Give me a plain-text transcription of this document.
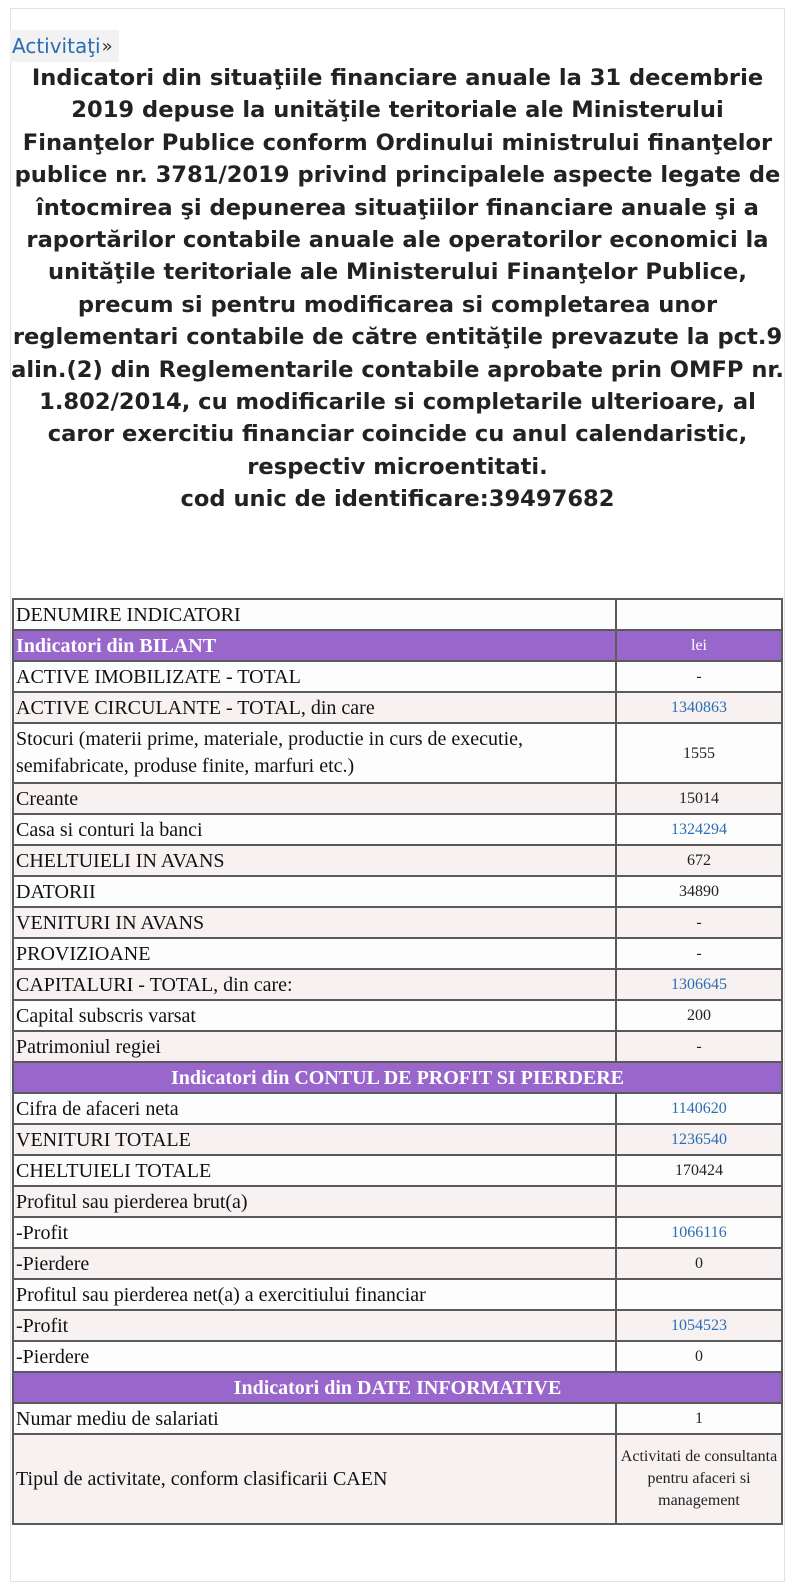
Activitaţi »

Indicatori din situaţiile financiare anuale la 31 decembrie 2019 depuse la unităţile teritoriale ale Ministerului Finanţelor Publice conform Ordinului ministrului finanţelor publice nr. 3781/2019 privind principalele aspecte legate de întocmirea şi depunerea situaţiilor financiare anuale şi a raportărilor contabile anuale ale operatorilor economici la unităţile teritoriale ale Ministerului Finanţelor Publice, precum si pentru modificarea si completarea unor reglementari contabile de către entităţile prevazute la pct.9 alin.(2) din Reglementarile contabile aprobate prin OMFP nr. 1.802/2014, cu modificarile si completarile ulterioare, al caror exercitiu financiar coincide cu anul calendaristic, respectiv microentitati.

cod unic de identificare:39497682

DENUMIRE INDICATORI	
Indicatori din BILANT	lei
ACTIVE IMOBILIZATE - TOTAL	-
ACTIVE CIRCULANTE - TOTAL, din care	1340863
Stocuri (materii prime, materiale, productie in curs de executie, semifabricate, produse finite, marfuri etc.)	1555
Creante	15014
Casa si conturi la banci	1324294
CHELTUIELI IN AVANS	672
DATORII	34890
VENITURI IN AVANS	-
PROVIZIOANE	-
CAPITALURI - TOTAL, din care:	1306645
Capital subscris varsat	200
Patrimoniul regiei	-
Indicatori din CONTUL DE PROFIT SI PIERDERE	
Cifra de afaceri neta	1140620
VENITURI TOTALE	1236540
CHELTUIELI TOTALE	170424
Profitul sau pierderea brut(a)	
-Profit	1066116
-Pierdere	0
Profitul sau pierderea net(a) a exercitiului financiar	
-Profit	1054523
-Pierdere	0
Indicatori din DATE INFORMATIVE	
Numar mediu de salariati	1
Tipul de activitate, conform clasificarii CAEN	Activitati de consultanta pentru afaceri si management
